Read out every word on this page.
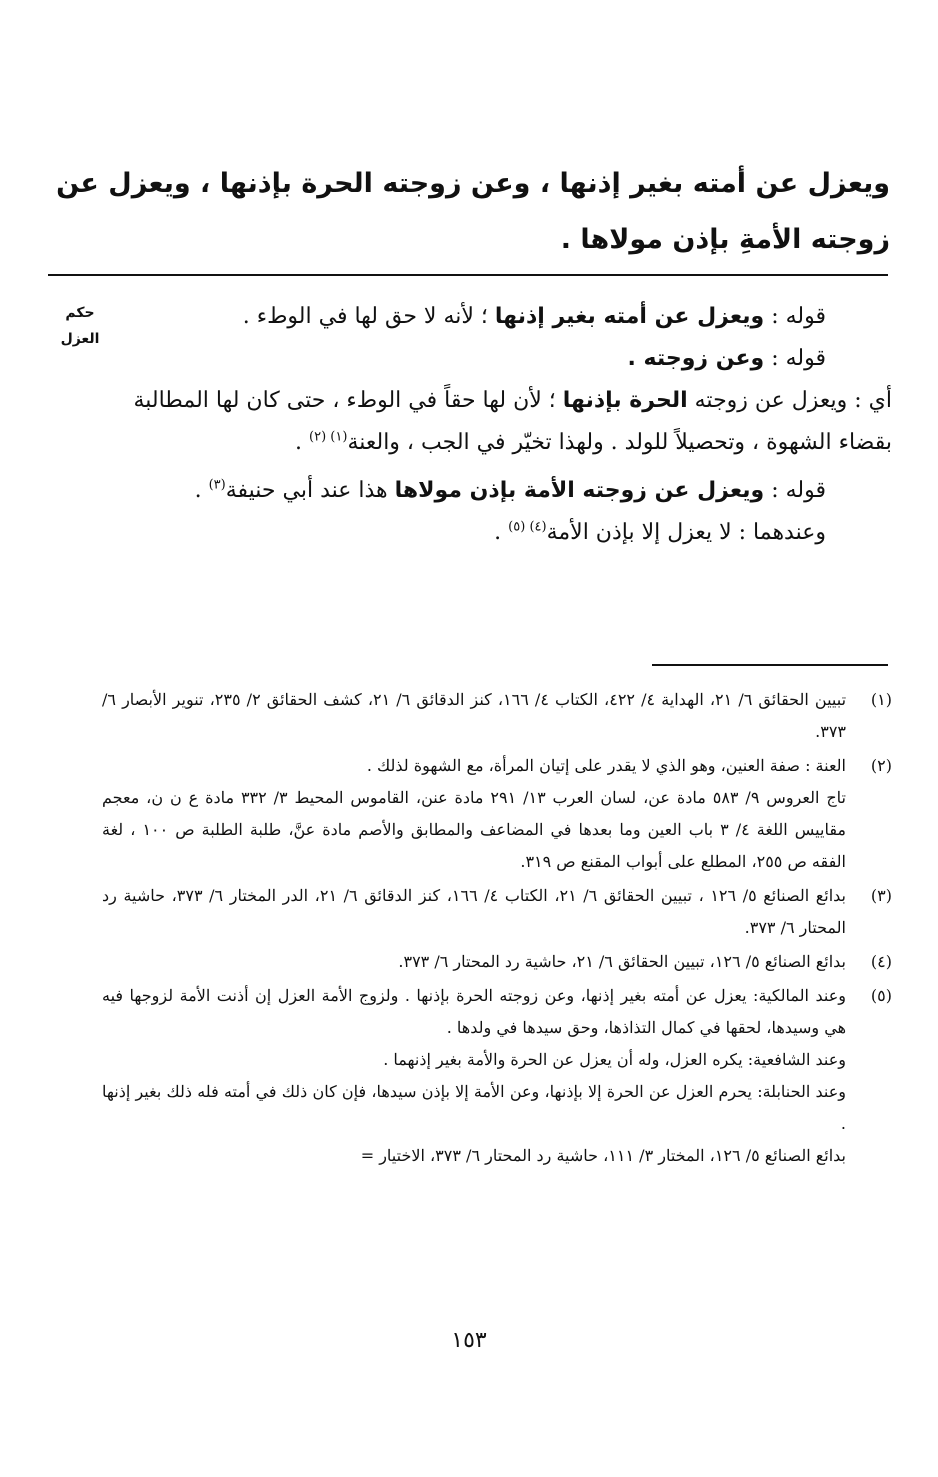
ويعزل عن أمته بغير إذنها ، وعن زوجته الحرة بإذنها ، ويعزل عن
زوجته الأمةِ بإذن مولاها .
حكم
العزل

قوله : ويعزل عن أمته بغير إذنها ؛ لأنه لا حق لها في الوطء .

قوله : وعن زوجته .

أي : ويعزل عن زوجته الحرة بإذنها ؛ لأن لها حقاً في الوطء ، حتى كان لها المطالبة بقضاء الشهوة ، وتحصيلاً للولد . ولهذا تخيّر في الجب ، والعنة$^{(١)}$ $^{(٢)}$ .

قوله : ويعزل عن زوجته الأمة بإذن مولاها هذا عند أبي حنيفة$^{(٣)}$ .

وعندهما : لا يعزل إلا بإذن الأمة$^{(٤)}$ $^{(٥)}$ .

(١)

تبيين الحقائق ٦/ ٢١، الهداية ٤/ ٤٢٢، الكتاب ٤/ ١٦٦، كنز الدقائق ٦/ ٢١، كشف الحقائق ٢/ ٢٣٥، تنوير الأبصار ٦/ ٣٧٣.

(٢)

العنة : صفة العنين، وهو الذي لا يقدر على إتيان المرأة، مع الشهوة لذلك .

تاج العروس ٩/ ٥٨٣ مادة عن، لسان العرب ١٣/ ٢٩١ مادة عنن، القاموس المحيط ٣/ ٣٣٢ مادة ع ن ن، معجم مقاييس اللغة ٤/ ٣ باب العين وما بعدها في المضاعف والمطابق والأصم مادة عنَّ، طلبة الطلبة ص ١٠٠ ، لغة الفقه ص ٢٥٥، المطلع على أبواب المقنع ص ٣١٩.

(٣)

بدائع الصنائع ٥/ ١٢٦ ، تبيين الحقائق ٦/ ٢١، الكتاب ٤/ ١٦٦، كنز الدقائق ٦/ ٢١، الدر المختار ٦/ ٣٧٣، حاشية رد المحتار ٦/ ٣٧٣.

(٤)

بدائع الصنائع ٥/ ١٢٦، تبيين الحقائق ٦/ ٢١، حاشية رد المحتار ٦/ ٣٧٣.

(٥)

وعند المالكية: يعزل عن أمته بغير إذنها، وعن زوجته الحرة بإذنها . ولزوج الأمة العزل إن أذنت الأمة لزوجها فيه هي وسيدها، لحقها في كمال التذاذها، وحق سيدها في ولدها .

وعند الشافعية: يكره العزل، وله أن يعزل عن الحرة والأمة بغير إذنهما .

وعند الحنابلة: يحرم العزل عن الحرة إلا بإذنها، وعن الأمة إلا بإذن سيدها، فإن كان ذلك في أمته فله ذلك بغير إذنها .

بدائع الصنائع ٥/ ١٢٦، المختار ٣/ ١١١، حاشية رد المحتار ٦/ ٣٧٣، الاختيار =

١٥٣
